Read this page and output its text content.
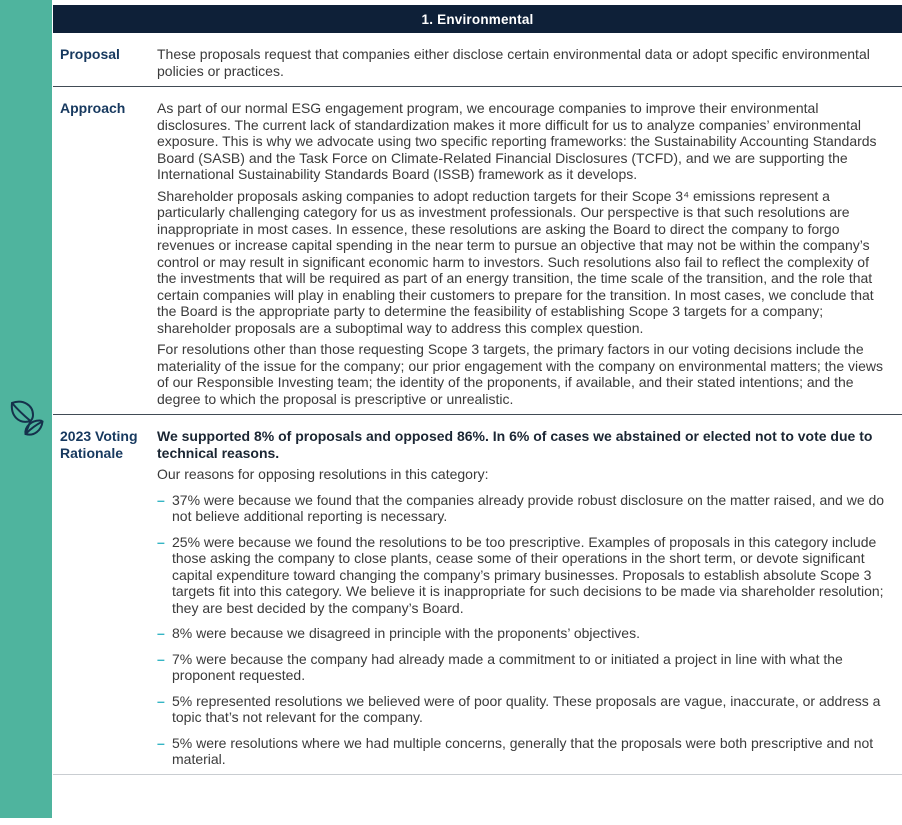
1. Environmental
Proposal	These proposals request that companies either disclose certain environmental data or adopt specific environmental policies or practices.

Approach	As part of our normal ESG engagement program, we encourage companies to improve their environmental disclosures. The current lack of standardization makes it more difficult for us to analyze companies’ environmental exposure. This is why we advocate using two specific reporting frameworks: the Sustainability Accounting Standards Board (SASB) and the Task Force on Climate-Related Financial Disclosures (TCFD), and we are supporting the International Sustainability Standards Board (ISSB) framework as it develops.

Shareholder proposals asking companies to adopt reduction targets for their Scope 3⁴ emissions represent a particularly challenging category for us as investment professionals. Our perspective is that such resolutions are inappropriate in most cases. In essence, these resolutions are asking the Board to direct the company to forgo revenues or increase capital spending in the near term to pursue an objective that may not be within the company’s control or may result in significant economic harm to investors. Such resolutions also fail to reflect the complexity of the investments that will be required as part of an energy transition, the time scale of the transition, and the role that certain companies will play in enabling their customers to prepare for the transition. In most cases, we conclude that the Board is the appropriate party to determine the feasibility of establishing Scope 3 targets for a company; shareholder proposals are a suboptimal way to address this complex question.

For resolutions other than those requesting Scope 3 targets, the primary factors in our voting decisions include the materiality of the issue for the company; our prior engagement with the company on environmental matters; the views of our Responsible Investing team; the identity of the proponents, if available, and their stated intentions; and the degree to which the proposal is prescriptive or unrealistic.

2023 Voting Rationale

We supported 8% of proposals and opposed 86%. In 6% of cases we abstained or elected not to vote due to technical reasons.

Our reasons for opposing resolutions in this category:

– 37% were because we found that the companies already provide robust disclosure on the matter raised, and we do not believe additional reporting is necessary.
– 25% were because we found the resolutions to be too prescriptive. Examples of proposals in this category include those asking the company to close plants, cease some of their operations in the short term, or devote significant capital expenditure toward changing the company’s primary businesses. Proposals to establish absolute Scope 3 targets fit into this category. We believe it is inappropriate for such decisions to be made via shareholder resolution; they are best decided by the company’s Board.
– 8% were because we disagreed in principle with the proponents’ objectives.
– 7% were because the company had already made a commitment to or initiated a project in line with what the proponent requested.
– 5% represented resolutions we believed were of poor quality. These proposals are vague, inaccurate, or address a topic that’s not relevant for the company.
– 5% were resolutions where we had multiple concerns, generally that the proposals were both prescriptive and not material.
